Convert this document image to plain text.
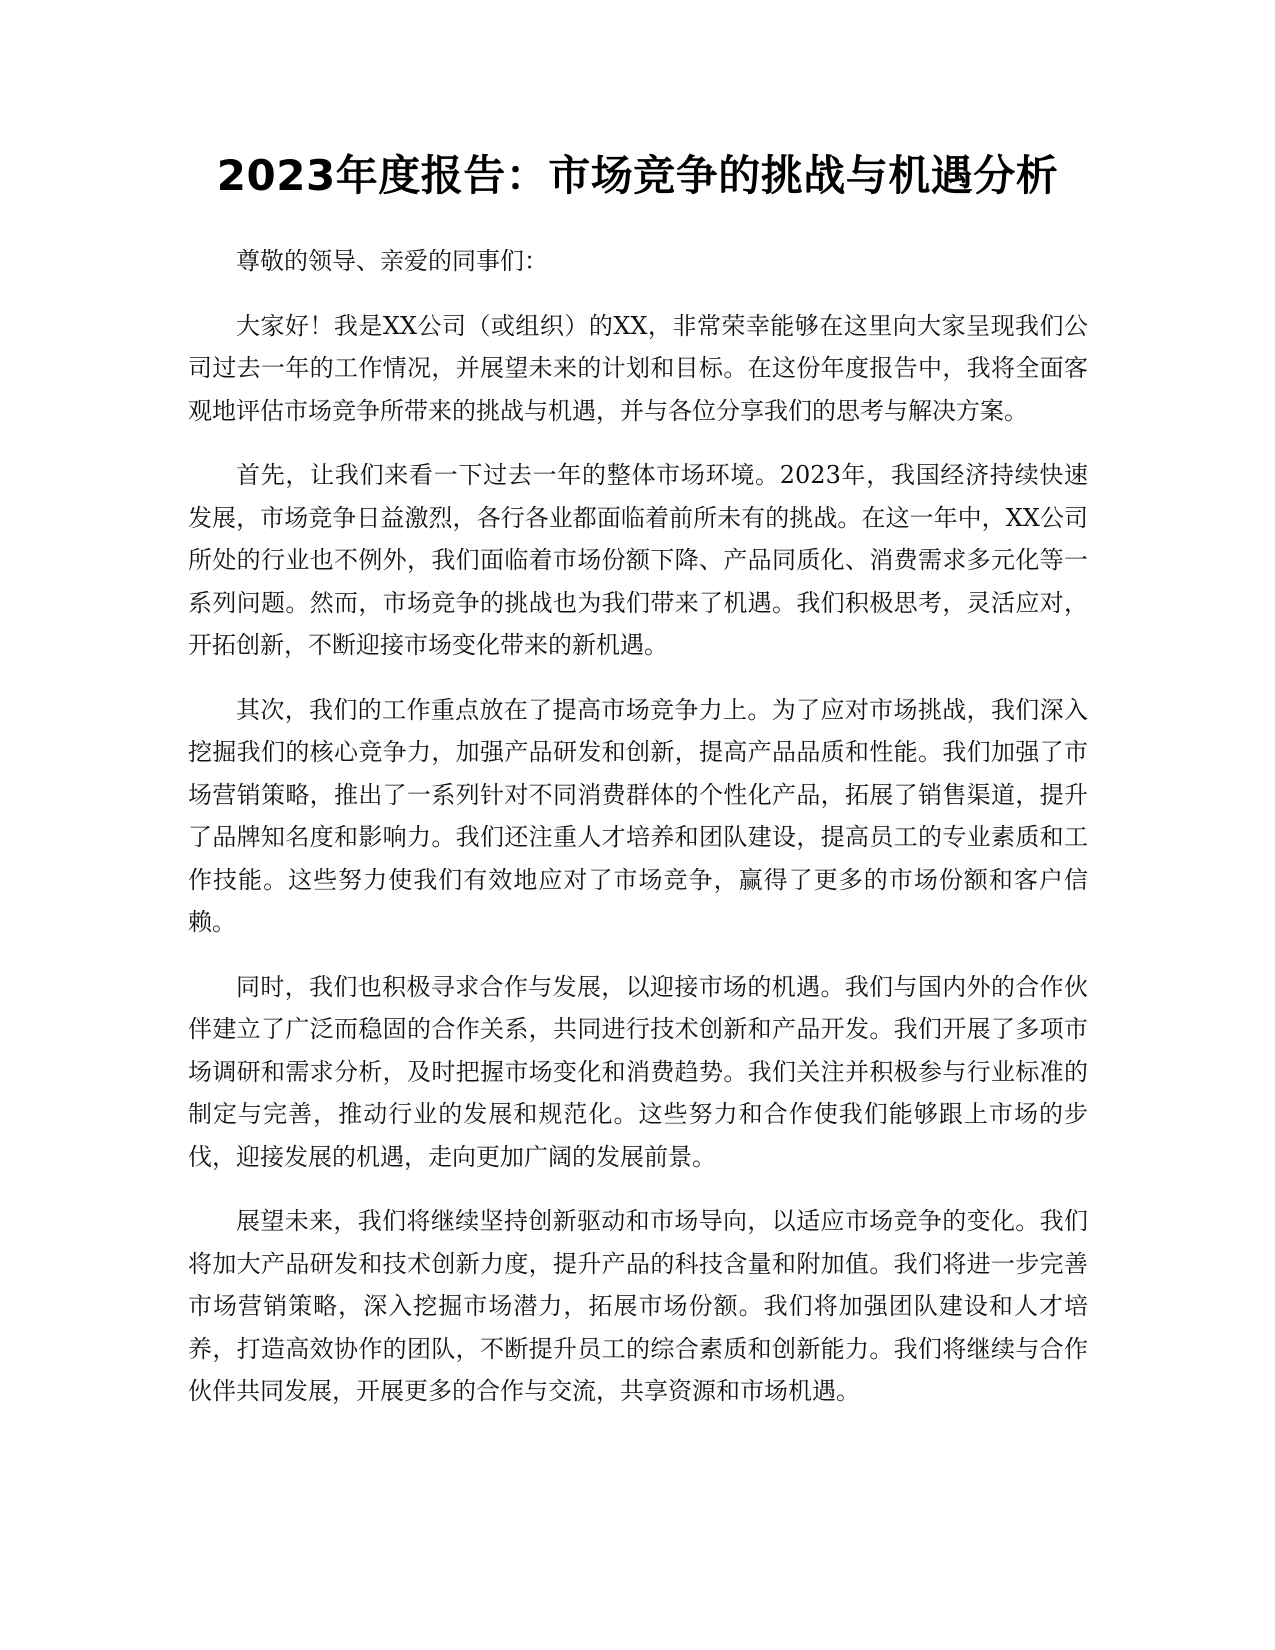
2023年度报告：市场竞争的挑战与机遇分析

尊敬的领导、亲爱的同事们：

大家好！我是XX公司（或组织）的XX，非常荣幸能够在这里向大家呈现我们公司过去一年的工作情况，并展望未来的计划和目标。在这份年度报告中，我将全面客观地评估市场竞争所带来的挑战与机遇，并与各位分享我们的思考与解决方案。

首先，让我们来看一下过去一年的整体市场环境。2023年，我国经济持续快速发展，市场竞争日益激烈，各行各业都面临着前所未有的挑战。在这一年中，XX公司所处的行业也不例外，我们面临着市场份额下降、产品同质化、消费需求多元化等一系列问题。然而，市场竞争的挑战也为我们带来了机遇。我们积极思考，灵活应对，开拓创新，不断迎接市场变化带来的新机遇。

其次，我们的工作重点放在了提高市场竞争力上。为了应对市场挑战，我们深入挖掘我们的核心竞争力，加强产品研发和创新，提高产品品质和性能。我们加强了市场营销策略，推出了一系列针对不同消费群体的个性化产品，拓展了销售渠道，提升了品牌知名度和影响力。我们还注重人才培养和团队建设，提高员工的专业素质和工作技能。这些努力使我们有效地应对了市场竞争，赢得了更多的市场份额和客户信赖。

同时，我们也积极寻求合作与发展，以迎接市场的机遇。我们与国内外的合作伙伴建立了广泛而稳固的合作关系，共同进行技术创新和产品开发。我们开展了多项市场调研和需求分析，及时把握市场变化和消费趋势。我们关注并积极参与行业标准的制定与完善，推动行业的发展和规范化。这些努力和合作使我们能够跟上市场的步伐，迎接发展的机遇，走向更加广阔的发展前景。

展望未来，我们将继续坚持创新驱动和市场导向，以适应市场竞争的变化。我们将加大产品研发和技术创新力度，提升产品的科技含量和附加值。我们将进一步完善市场营销策略，深入挖掘市场潜力，拓展市场份额。我们将加强团队建设和人才培养，打造高效协作的团队，不断提升员工的综合素质和创新能力。我们将继续与合作伙伴共同发展，开展更多的合作与交流，共享资源和市场机遇。
